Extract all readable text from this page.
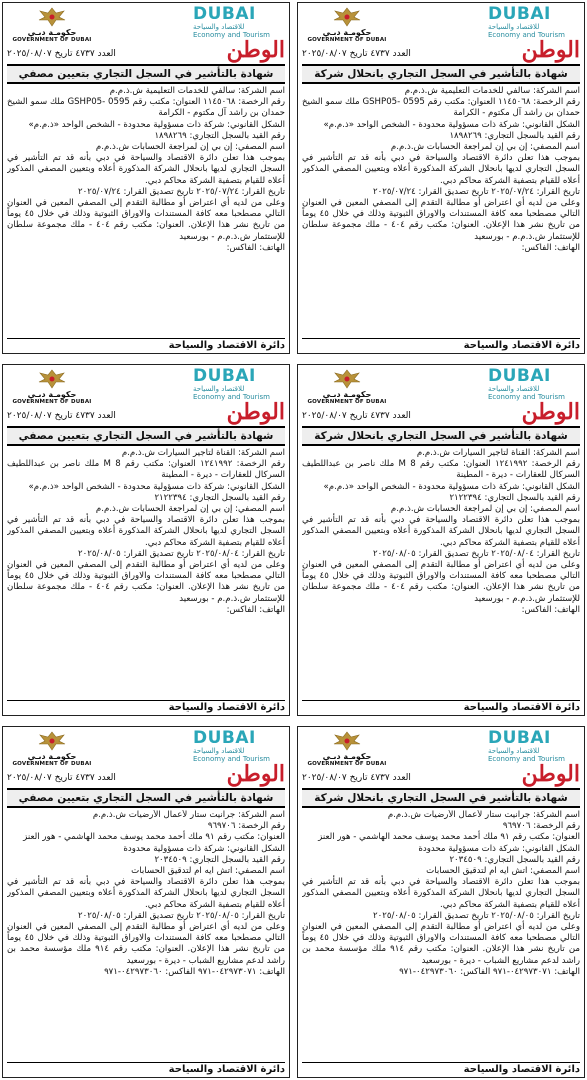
حكومـة دبـي
GOVERNMENT OF DUBAI
DUBAI
للاقتصاد والسياحة
Economy and Tourism
الوطن
العدد ٤٧٣٧ تاريخ ٢٠٢٥/٠٨/٠٧
شهادة بالتأشير في السجل التجاري بتعيين مصفي

اسم الشركة: سالفي للخدمات التعليمية ش.ذ.م.م

رقم الرخصة: ١١٤٥٠٦٨ العنوان: مكتب رقم 0595 -GSHP05 ملك سمو الشيخ حمدان بن راشد آل مكتوم - الكرامة

الشكل القانوني: شركة ذات مسؤولية محدودة - الشخص الواحد «ذ.م.م»

رقم القيد بالسجل التجاري: ١٨٩٨٢٦٩

اسم المصفي: إن بي إن لمراجعة الحسابات ش.ذ.م.م

بموجب هذا تعلن دائرة الاقتصاد والسياحة في دبي بأنه قد تم التأشير في السجل التجاري لديها بانحلال الشركة المذكورة أعلاه وبتعيين المصفي المذكور أعلاه للقيام بتصفية الشركة محاكم دبي.

تاريخ القرار: ٢٠٢٥/٠٧/٢٤ تاريخ تصديق القرار: ٢٠٢٥/٠٧/٢٤

وعلى من لديه أي اعتراض أو مطالبة التقدم إلى المصفي المعين في العنوان التالي مصطحبا معه كافة المستندات والاوراق الثبوتية وذلك في خلال ٤٥ يوماً من تاريخ نشر هذا الإعلان. العنوان: مكتب رقم ٤٠٤ - ملك مجموعة سلطان للإستثمار ش.ذ.م.م - بورسعيد

الهاتف: الفاكس:

دائرة الاقتصاد والسياحة
حكومـة دبـي
GOVERNMENT OF DUBAI
DUBAI
للاقتصاد والسياحة
Economy and Tourism
الوطن
العدد ٤٧٣٧ تاريخ ٢٠٢٥/٠٨/٠٧
شهادة بالتأشير في السجل التجاري بانحلال شركة

اسم الشركة: سالفي للخدمات التعليمية ش.ذ.م.م

رقم الرخصة: ١١٤٥٠٦٨ العنوان: مكتب رقم 0595 -GSHP05 ملك سمو الشيخ حمدان بن راشد آل مكتوم - الكرامة

الشكل القانوني: شركة ذات مسؤولية محدودة - الشخص الواحد «ذ.م.م»

رقم القيد بالسجل التجاري: ١٨٩٨٢٦٩

اسم المصفي: إن بي إن لمراجعة الحسابات ش.ذ.م.م

بموجب هذا تعلن دائرة الاقتصاد والسياحة في دبي بأنه قد تم التأشير في السجل التجاري لديها بانحلال الشركة المذكورة أعلاه وبتعيين المصفي المذكور أعلاه للقيام بتصفية الشركة محاكم دبي.

تاريخ القرار: ٢٠٢٥/٠٧/٢٤ تاريخ تصديق القرار: ٢٠٢٥/٠٧/٢٤

وعلى من لديه أي اعتراض أو مطالبة التقدم إلى المصفي المعين في العنوان التالي مصطحبا معه كافة المستندات والاوراق الثبوتية وذلك في خلال ٤٥ يوماً من تاريخ نشر هذا الإعلان. العنوان: مكتب رقم ٤٠٤ - ملك مجموعة سلطان للإستثمار ش.ذ.م.م - بورسعيد

الهاتف: الفاكس:

دائرة الاقتصاد والسياحة
حكومـة دبـي
GOVERNMENT OF DUBAI
DUBAI
للاقتصاد والسياحة
Economy and Tourism
الوطن
العدد ٤٧٣٧ تاريخ ٢٠٢٥/٠٨/٠٧
شهادة بالتأشير في السجل التجاري بتعيين مصفي

اسم الشركة: القناة لتأجير السيارات ش.ذ.م.م

رقم الرخصة: ١٢٤١٩٩٢ العنوان: مكتب رقم M 8 ملك ناصر بن عبداللطيف السركال للعقارات - ديرة - المطينة

الشكل القانوني: شركة ذات مسؤولية محدودة - الشخص الواحد «ذ.م.م»

رقم القيد بالسجل التجاري: ٢١٢٢٣٩٤

اسم المصفي: إن بي إن لمراجعة الحسابات ش.ذ.م.م

بموجب هذا تعلن دائرة الاقتصاد والسياحة في دبي بأنه قد تم التأشير في السجل التجاري لديها بانحلال الشركة المذكورة أعلاه وبتعيين المصفي المذكور أعلاه للقيام بتصفية الشركة محاكم دبي.

تاريخ القرار: ٢٠٢٥/٠٨/٠٤ تاريخ تصديق القرار: ٢٠٢٥/٠٨/٠٥

وعلى من لديه أي اعتراض أو مطالبة التقدم إلى المصفي المعين في العنوان التالي مصطحبا معه كافة المستندات والاوراق الثبوتية وذلك في خلال ٤٥ يوماً من تاريخ نشر هذا الإعلان. العنوان: مكتب رقم ٤٠٤ - ملك مجموعة سلطان للإستثمار ش.ذ.م.م - بورسعيد

الهاتف: الفاكس:

دائرة الاقتصاد والسياحة
حكومـة دبـي
GOVERNMENT OF DUBAI
DUBAI
للاقتصاد والسياحة
Economy and Tourism
الوطن
العدد ٤٧٣٧ تاريخ ٢٠٢٥/٠٨/٠٧
شهادة بالتأشير في السجل التجاري بانحلال شركة

اسم الشركة: القناة لتأجير السيارات ش.ذ.م.م

رقم الرخصة: ١٢٤١٩٩٢ العنوان: مكتب رقم M 8 ملك ناصر بن عبداللطيف السركال للعقارات - ديرة - المطينة

الشكل القانوني: شركة ذات مسؤولية محدودة - الشخص الواحد «ذ.م.م»

رقم القيد بالسجل التجاري: ٢١٢٢٣٩٤

اسم المصفي: إن بي إن لمراجعة الحسابات ش.ذ.م.م

بموجب هذا تعلن دائرة الاقتصاد والسياحة في دبي بأنه قد تم التأشير في السجل التجاري لديها بانحلال الشركة المذكورة أعلاه وبتعيين المصفي المذكور أعلاه للقيام بتصفية الشركة محاكم دبي.

تاريخ القرار: ٢٠٢٥/٠٨/٠٤ تاريخ تصديق القرار: ٢٠٢٥/٠٨/٠٥

وعلى من لديه أي اعتراض أو مطالبة التقدم إلى المصفي المعين في العنوان التالي مصطحبا معه كافة المستندات والاوراق الثبوتية وذلك في خلال ٤٥ يوماً من تاريخ نشر هذا الإعلان. العنوان: مكتب رقم ٤٠٤ - ملك مجموعة سلطان للإستثمار ش.ذ.م.م - بورسعيد

الهاتف: الفاكس:

دائرة الاقتصاد والسياحة
حكومـة دبـي
GOVERNMENT OF DUBAI
DUBAI
للاقتصاد والسياحة
Economy and Tourism
الوطن
العدد ٤٧٣٧ تاريخ ٢٠٢٥/٠٨/٠٧
شهادة بالتأشير في السجل التجاري بتعيين مصفي

اسم الشركة: جرانيت ستار لأعمال الأرضيات ش.ذ.م.م

رقم الرخصة: ٩٦٩٧٠٦

العنوان: مكتب رقم ٩١ ملك أحمد محمد يوسف محمد الهاشمي - هور العنز

الشكل القانوني: شركة ذات مسؤولية محدودة

رقم القيد بالسجل التجاري: ٢٠٣٤٥٠٩

اسم المصفي: اتش ايه ام لتدقيق الحسابات

بموجب هذا تعلن دائرة الاقتصاد والسياحة في دبي بأنه قد تم التأشير في السجل التجاري لديها بانحلال الشركة المذكورة أعلاه وبتعيين المصفي المذكور أعلاه للقيام بتصفية الشركة محاكم دبي.

تاريخ القرار: ٢٠٢٥/٠٨/٠٥ تاريخ تصديق القرار: ٢٠٢٥/٠٨/٠٥

وعلى من لديه أي اعتراض أو مطالبة التقدم إلى المصفي المعين في العنوان التالي مصطحبا معه كافة المستندات والاوراق الثبوتية وذلك في خلال ٤٥ يوماً من تاريخ نشر هذا الإعلان. العنوان: مكتب رقم ٩١٤ ملك مؤسسة محمد بن راشد لدعم مشاريع الشباب - ديرة - بورسعيد

الهاتف: ٠٤٢٩٧٣٠٧١-٩٧١ الفاكس: ٠٤٢٩٧٣٠٦٠-٩٧١

دائرة الاقتصاد والسياحة
حكومـة دبـي
GOVERNMENT OF DUBAI
DUBAI
للاقتصاد والسياحة
Economy and Tourism
الوطن
العدد ٤٧٣٧ تاريخ ٢٠٢٥/٠٨/٠٧
شهادة بالتأشير في السجل التجاري بانحلال شركة

اسم الشركة: جرانيت ستار لأعمال الأرضيات ش.ذ.م.م

رقم الرخصة: ٩٦٩٧٠٦

العنوان: مكتب رقم ٩١ ملك أحمد محمد يوسف محمد الهاشمي - هور العنز

الشكل القانوني: شركة ذات مسؤولية محدودة

رقم القيد بالسجل التجاري: ٢٠٣٤٥٠٩

اسم المصفي: اتش ايه ام لتدقيق الحسابات

بموجب هذا تعلن دائرة الاقتصاد والسياحة في دبي بأنه قد تم التأشير في السجل التجاري لديها بانحلال الشركة المذكورة أعلاه وبتعيين المصفي المذكور أعلاه للقيام بتصفية الشركة محاكم دبي.

تاريخ القرار: ٢٠٢٥/٠٨/٠٥ تاريخ تصديق القرار: ٢٠٢٥/٠٨/٠٥

وعلى من لديه أي اعتراض أو مطالبة التقدم إلى المصفي المعين في العنوان التالي مصطحبا معه كافة المستندات والاوراق الثبوتية وذلك في خلال ٤٥ يوماً من تاريخ نشر هذا الإعلان. العنوان: مكتب رقم ٩١٤ ملك مؤسسة محمد بن راشد لدعم مشاريع الشباب - ديرة - بورسعيد

الهاتف: ٠٤٢٩٧٣٠٧١-٩٧١ الفاكس: ٠٤٢٩٧٣٠٦٠-٩٧١

دائرة الاقتصاد والسياحة
